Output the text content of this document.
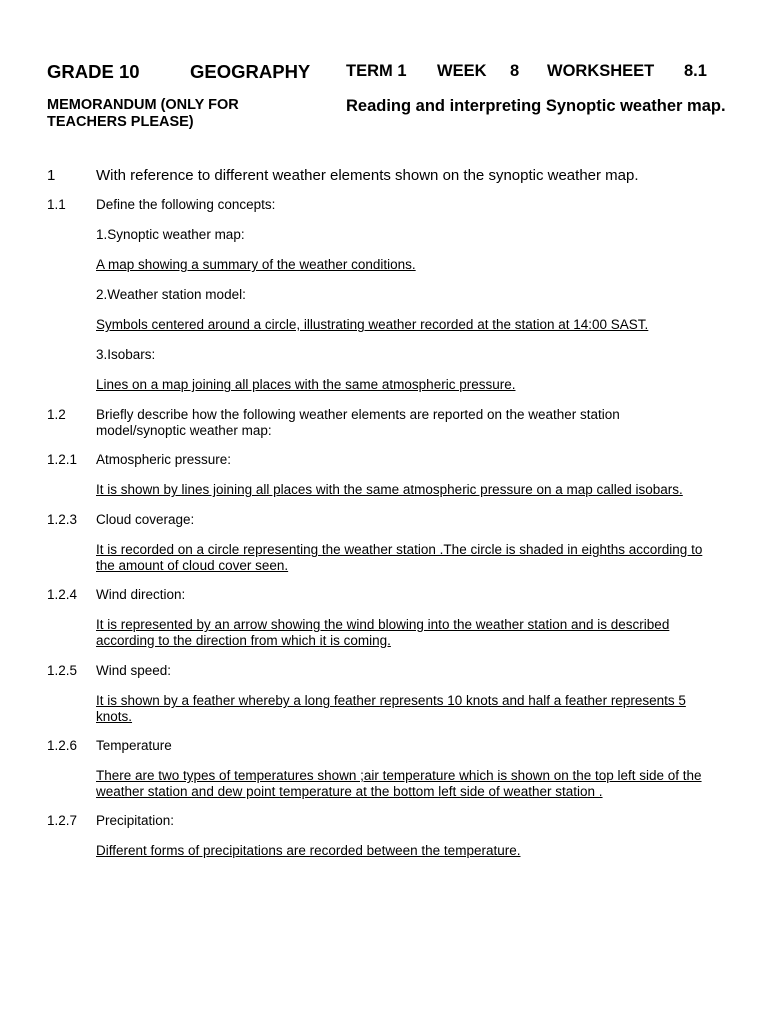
GRADE 10	GEOGRAPHY TERM 1 WEEK 8 WORKSHEET 8.1
MEMORANDUM (ONLY FOR TEACHERS PLEASE)
Reading and interpreting Synoptic weather map.
1	With reference to different weather elements shown on the synoptic weather map.
1.1 Define the following concepts:
1.Synoptic weather map:
A map showing a summary of the weather conditions.
2.Weather station model:
Symbols centered around a circle, illustrating weather recorded at the station at 14:00 SAST.
3.Isobars:
Lines on a map joining all places with the same atmospheric pressure.
1.2 Briefly describe how the following weather elements are reported on the weather station model/synoptic weather map:
1.2.1 Atmospheric pressure:
It is shown by lines joining all places with the same atmospheric pressure on a map called isobars.
1.2.3 Cloud coverage:
It is recorded on a circle representing the weather station .The circle is shaded in eighths according to the amount of cloud cover seen.
1.2.4 Wind direction:
It is represented by an arrow showing the wind blowing into the weather station and is described according to the direction from which it is coming.
1.2.5 Wind speed:
It is shown by a feather whereby a long feather represents 10 knots and half a feather represents 5 knots.
1.2.6 Temperature
There are two types of temperatures shown ;air temperature which is shown on the top left side of the weather station and dew point temperature at the bottom left side of weather station .
1.2.7 Precipitation:
Different forms of precipitations are recorded between the temperature.
